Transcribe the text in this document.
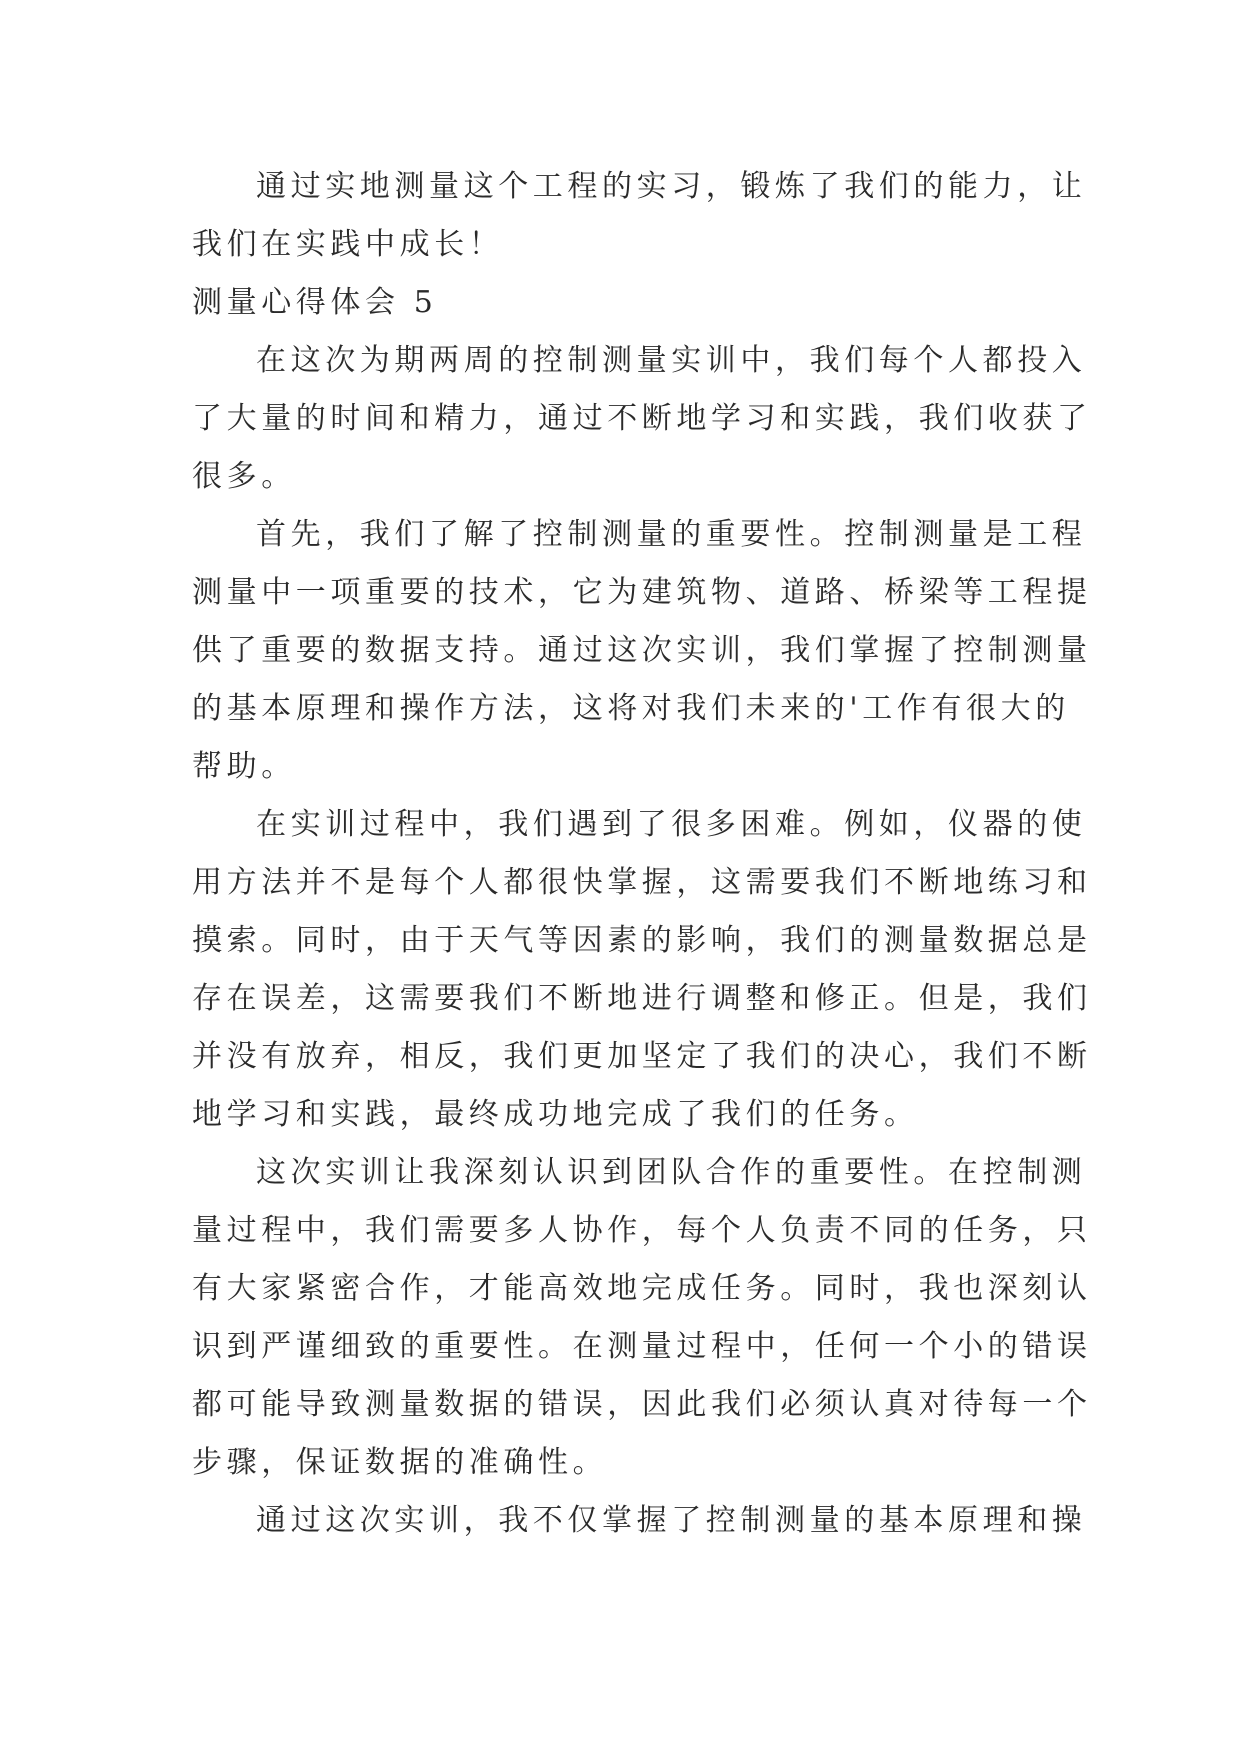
通过实地测量这个工程的实习，锻炼了我们的能力，让
我们在实践中成长！
测量心得体会 5
在这次为期两周的控制测量实训中，我们每个人都投入
了大量的时间和精力，通过不断地学习和实践，我们收获了
很多。
首先，我们了解了控制测量的重要性。控制测量是工程
测量中一项重要的技术，它为建筑物、道路、桥梁等工程提
供了重要的数据支持。通过这次实训，我们掌握了控制测量
的基本原理和操作方法，这将对我们未来的'工作有很大的
帮助。
在实训过程中，我们遇到了很多困难。例如，仪器的使
用方法并不是每个人都很快掌握，这需要我们不断地练习和
摸索。同时，由于天气等因素的影响，我们的测量数据总是
存在误差，这需要我们不断地进行调整和修正。但是，我们
并没有放弃，相反，我们更加坚定了我们的决心，我们不断
地学习和实践，最终成功地完成了我们的任务。
这次实训让我深刻认识到团队合作的重要性。在控制测
量过程中，我们需要多人协作，每个人负责不同的任务，只
有大家紧密合作，才能高效地完成任务。同时，我也深刻认
识到严谨细致的重要性。在测量过程中，任何一个小的错误
都可能导致测量数据的错误，因此我们必须认真对待每一个
步骤，保证数据的准确性。
通过这次实训，我不仅掌握了控制测量的基本原理和操
